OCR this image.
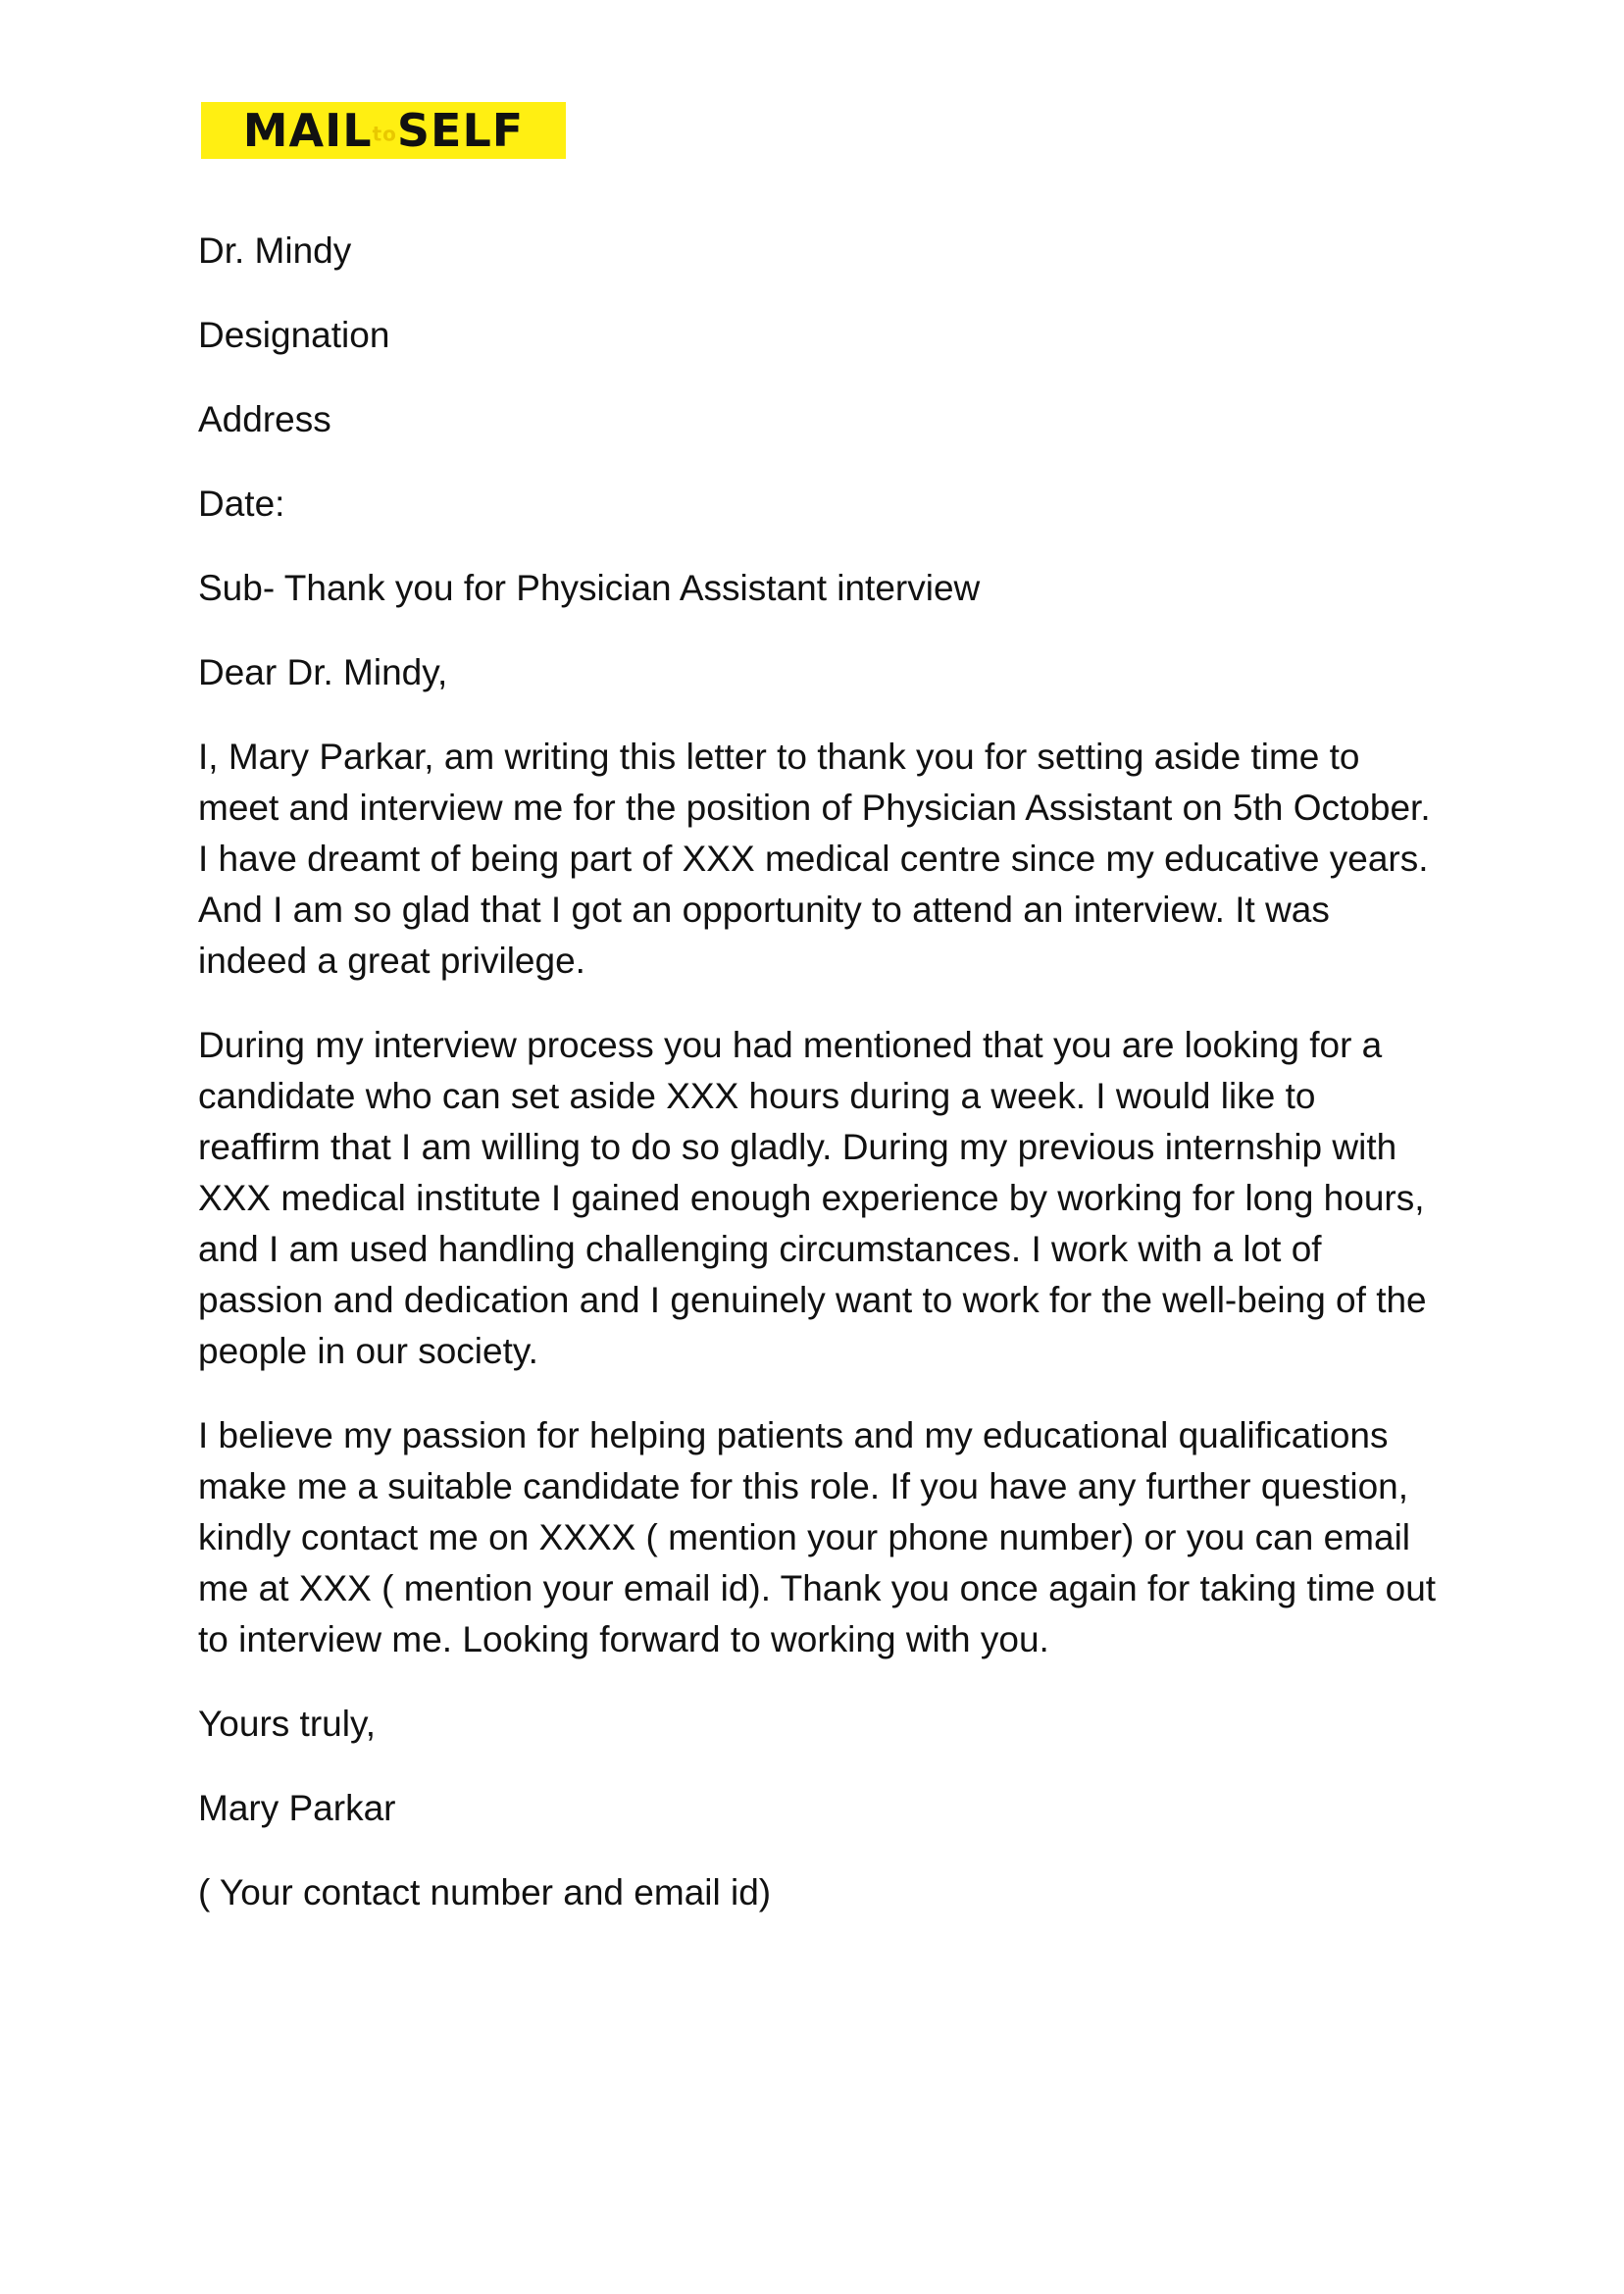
MAILtoSELF

Dr. Mindy

Designation

Address

Date:

Sub- Thank you for Physician Assistant interview

Dear Dr. Mindy,

I, Mary Parkar, am writing this letter to thank you for setting aside time to meet and interview me for the position of Physician Assistant on 5th October. I have dreamt of being part of XXX medical centre since my educative years. And I am so glad that I got an opportunity to attend an interview. It was indeed a great privilege.

During my interview process you had mentioned that you are looking for a candidate who can set aside XXX hours during a week. I would like to reaffirm that I am willing to do so gladly. During my previous internship with XXX medical institute I gained enough experience by working for long hours, and I am used handling challenging circumstances. I work with a lot of passion and dedication and I genuinely want to work for the well-being of the people in our society.

I believe my passion for helping patients and my educational qualifications make me a suitable candidate for this role. If you have any further question, kindly contact me on XXXX ( mention your phone number) or you can email me at XXX ( mention your email id). Thank you once again for taking time out to interview me. Looking forward to working with you.

Yours truly,

Mary Parkar

( Your contact number and email id)
